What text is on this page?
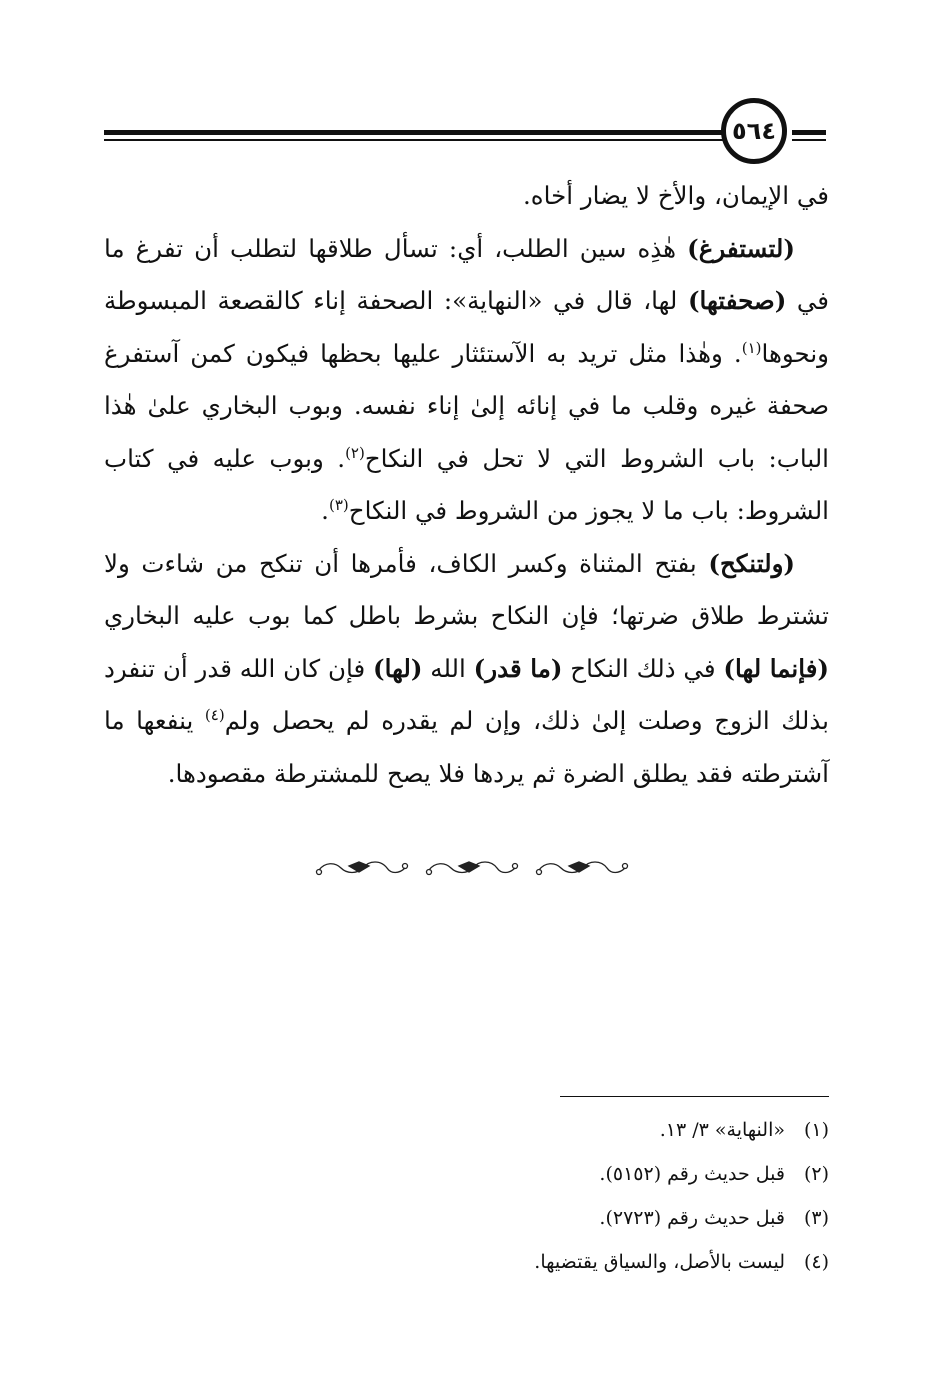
٥٦٤

في الإيمان، والأخ لا يضار أخاه.

(لتستفرغ) هٰذِه سين الطلب، أي: تسأل طلاقها لتطلب أن تفرغ ما في (صحفتها) لها، قال في «النهاية»: الصحفة إناء كالقصعة المبسوطة ونحوها$^{(١)}$. وهٰذا مثل تريد به الآستئثار عليها بحظها فيكون كمن آستفرغ صحفة غيره وقلب ما في إنائه إلىٰ إناء نفسه. وبوب البخاري علىٰ هٰذا الباب: باب الشروط التي لا تحل في النكاح$^{(٢)}$. وبوب عليه في كتاب الشروط: باب ما لا يجوز من الشروط في النكاح$^{(٣)}$.

(ولتنكح) بفتح المثناة وكسر الكاف، فأمرها أن تنكح من شاءت ولا تشترط طلاق ضرتها؛ فإن النكاح بشرط باطل كما بوب عليه البخاري (فإنما لها) في ذلك النكاح (ما قدر) الله (لها) فإن كان الله قدر أن تنفرد بذلك الزوج وصلت إلىٰ ذلك، وإن لم يقدره لم يحصل ولم$^{(٤)}$ ينفعها ما آشترطته فقد يطلق الضرة ثم يردها فلا يصح للمشترطة مقصودها.

(١)«النهاية» ٣/ ١٣.
(٢)قبل حديث رقم (٥١٥٢).
(٣)قبل حديث رقم (٢٧٢٣).
(٤)ليست بالأصل، والسياق يقتضيها.
